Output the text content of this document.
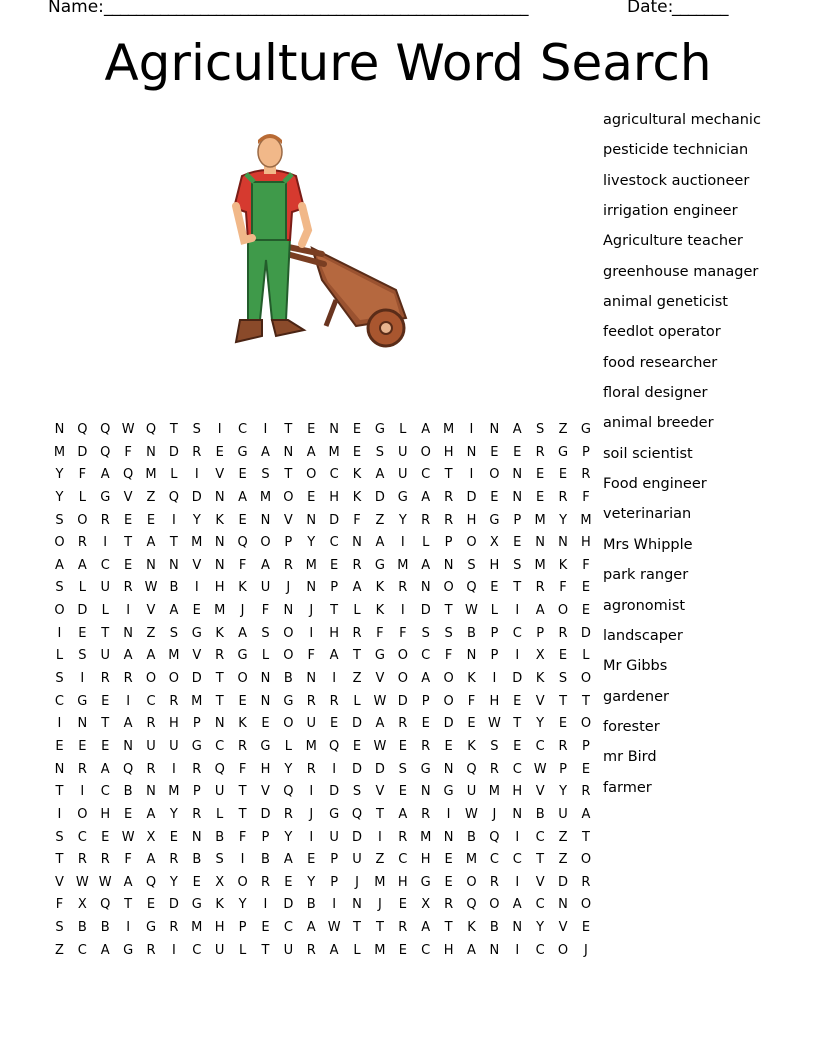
Name: _____________________________________________________	Date:
_______
Agriculture Word Search
agricultural mechanic
pesticide technician
livestock auctioneer
irrigation engineer
Agriculture teacher
greenhouse manager
animal geneticist
feedlot operator
food researcher
floral designer
animal breeder
soil scientist
Food engineer
veterinarian
Mrs Whipple
park ranger
agronomist
landscaper
Mr Gibbs
gardener
forester
mr Bird
farmer
N Q Q W Q	T	S	I	C	I	T	E	N	E	G	L	A M	I	N	A	S	Z	G
M D Q	F	N	D	R	E	G	A	N	A M	E	S	U	O H	N	E	E	R	G	P
Y	F	A	Q M	L	I	V	E	S	T	O	C	K	A	U	C	T	I	O N	E	E	R
Y	L	G	V	Z	Q D	N	A M O	E	H	K	D G	A	R	D	E	N	E	R	F
S	O	R	E	E	I	Y	K	E	N	V	N	D	F	Z	Y	R	R	H G	P	M	Y	M
O	R	I	T	A	T	M N Q O	P	Y	C	N	A	I	L	P	O	X	E	N	N	H
A	A	C	E	N	N	V	N	F	A	R M	E	R	G M A	N	S	H	S	M	K	F
S	L	U	R W B	I	H	K	U	J	N	P	A	K	R	N O Q	E	T	R	F	E
O D	L	I	V	A	E	M	J	F	N	J	T	L	K	I	D	T W L	I	A	O	E
I	E	T	N	Z	S	G	K	A	S	O	I	H	R	F	F	S	S	B	P	C	P	R	D
L	S	U	A	A M V	R	G	L	O	F	A	T	G O	C	F	N	P	I	X	E	L
S	I	R	R	O O D	T	O N	B	N	I	Z	V	O	A	O	K	I	D	K	S	O
C	G	E	I	C	R M	T	E	N G	R	R	L W D	P	O	F	H	E	V	T	T
I	N	T	A	R	H	P	N	K	E	O	U	E	D	A	R	E	D	E W T	Y	E	O
E	E	E	N	U	U	G	C	R	G	L	M Q	E W E	R	E	K	S	E	C	R	P
N	R	A	Q	R	I	R	Q	F	H	Y	R	I	D D	S	G N Q	R	C W P	E
T	I	C	B	N M	P	U	T	V	Q	I	D	S	V	E	N G	U M H	V	Y	R
I	O H	E	A	Y	R	L	T	D	R	J	G Q	T	A	R	I	W	J	N	B	U	A
S	C	E W X	E	N	B	F	P	Y	I	U	D	I	R M N	B	Q	I	C	Z	T
T	R	R	F	A	R	B	S	I	B	A	E	P	U	Z	C	H	E	M C	C	T	Z	O
V W W A	Q	Y	E	X	O	R	E	Y	P	J	M H G	E	O	R	I	V	D	R
F	X	Q	T	E	D G	K	Y	I	D	B	I	N	J	E	X	R	Q O	A	C	N O
S	B	B	I	G	R M H	P	E	C	A W T	T	R	A	T	K	B	N	Y	V	E
Z	C	A	G	R	I	C	U	L	T	U	R	A	L	M	E	C	H	A	N	I	C	O	J
